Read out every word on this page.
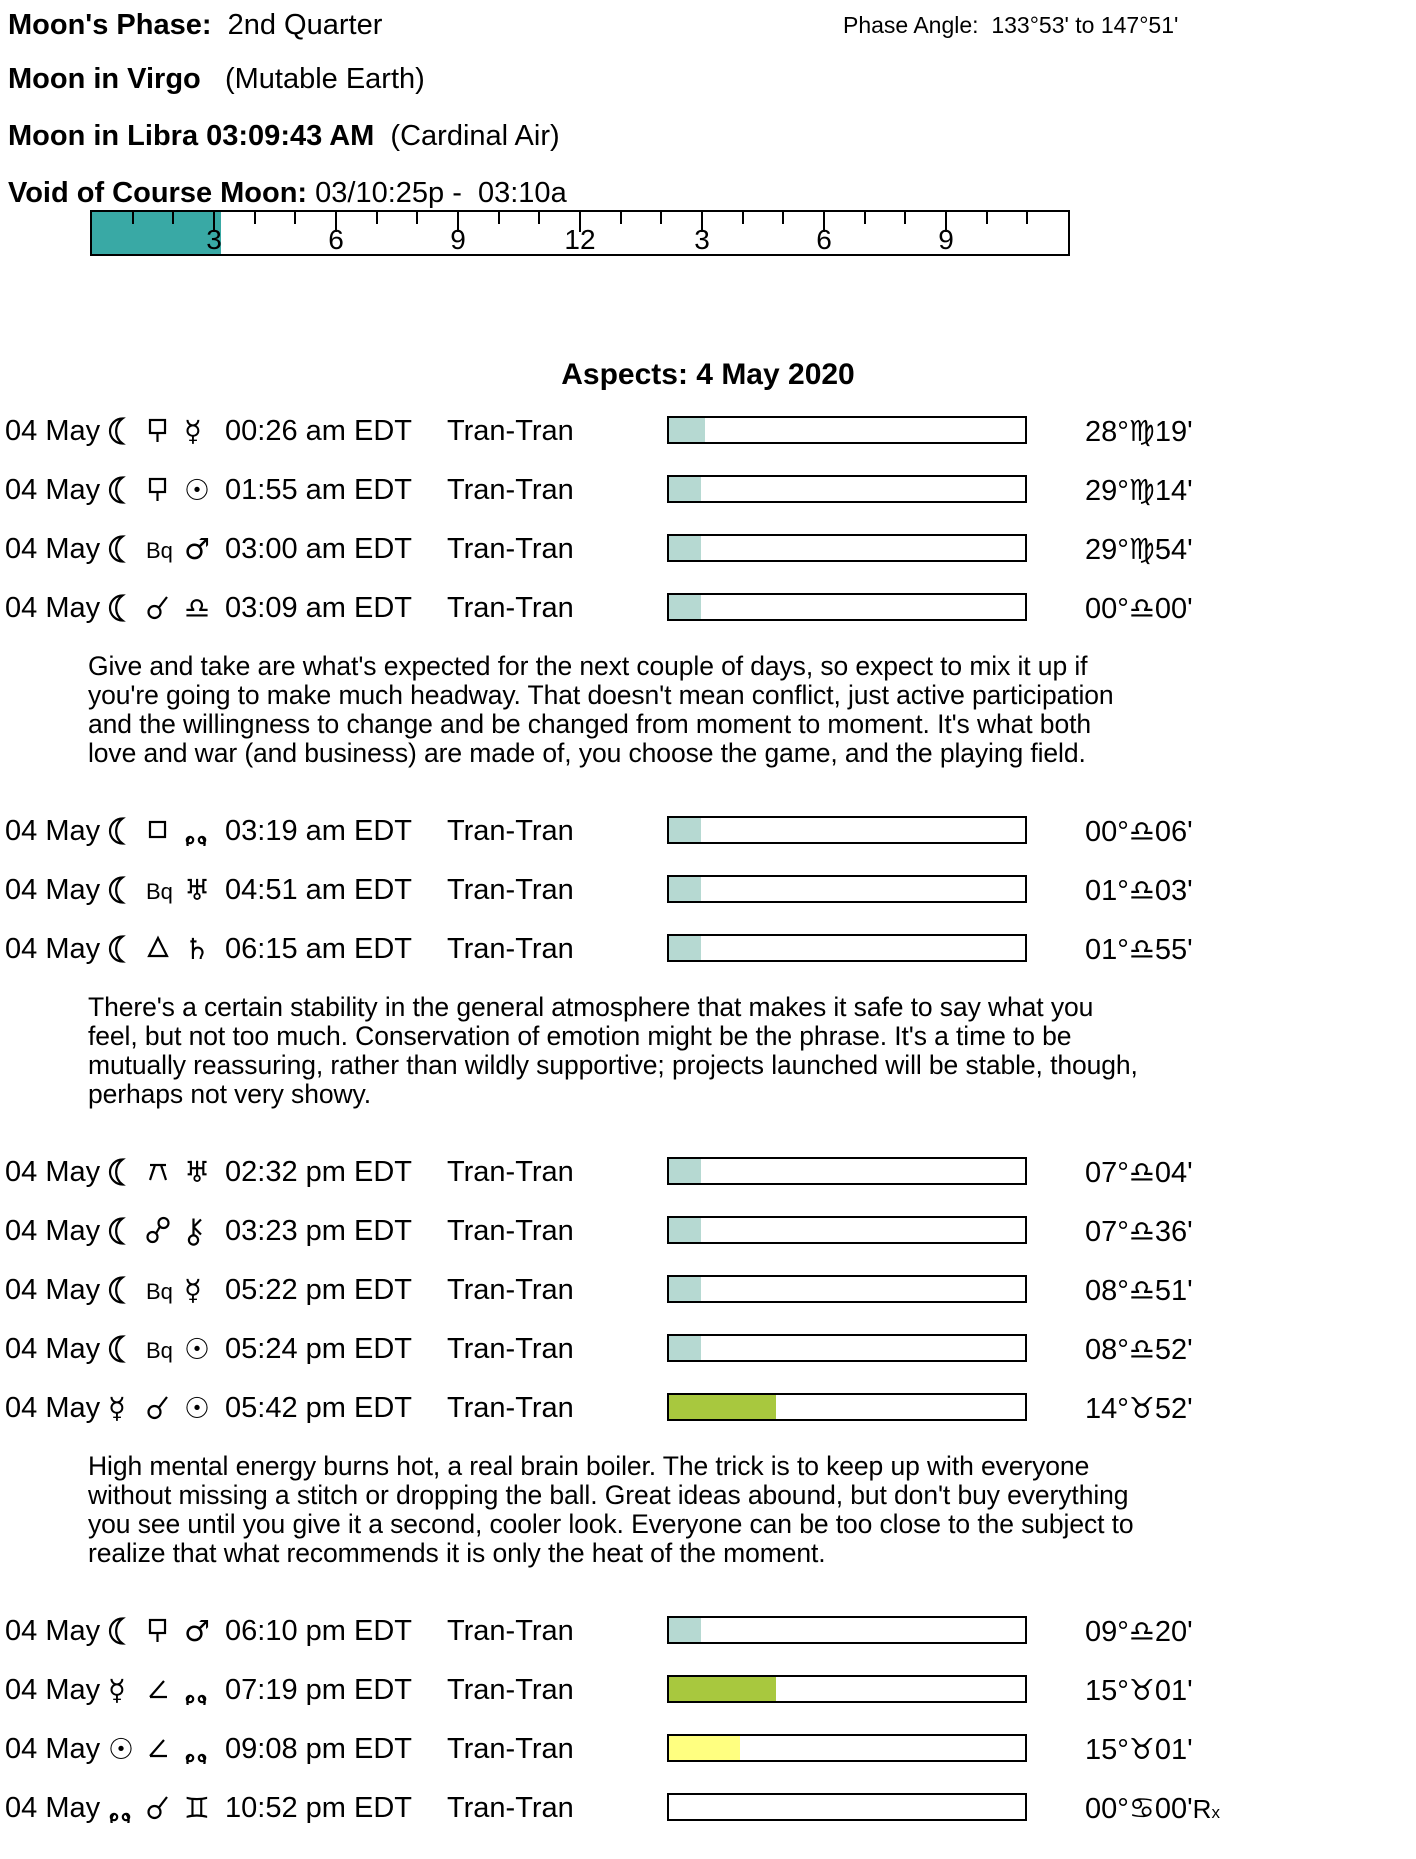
Moon's Phase:  2nd Quarter	Phase Angle:  133°53' to 147°51'
Moon in Virgo   (Mutable Earth)
Moon in Libra 03:09:43 AM  (Cardinal Air)
Void of Course Moon: 03/10:25p -  03:10a
3	6	9	12	3	6	9
Aspects: 4 May 2020
04 May	☿ 00:26 am EDT Tran-Tran	28°♍19'
04 May	☉ 01:55 am EDT Tran-Tran	29°♍14'
04 May Bq ♂ 03:00 am EDT Tran-Tran	29°♍54'
04 May	♎ 03:09 am EDT Tran-Tran	00°♎00'
Give and take are what's expected for the next couple of days, so expect to mix it up if you're going to make much headway. That doesn't mean conflict, just active participation and the willingness to change and be changed from moment to moment. It's what both love and war (and business) are made of, you choose the game, and the playing field.
04 May	03:19 am EDT Tran-Tran	00°♎06'
04 May Bq ♅ 04:51 am EDT Tran-Tran	01°♎03'
04 May	♄ 06:15 am EDT Tran-Tran	01°♎55'
There's a certain stability in the general atmosphere that makes it safe to say what you feel, but not too much. Conservation of emotion might be the phrase. It's a time to be mutually reassuring, rather than wildly supportive; projects launched will be stable, though, perhaps not very showy.
04 May	♅ 02:32 pm EDT Tran-Tran	07°♎04'
04 May	03:23 pm EDT Tran-Tran	07°♎36'
04 May Bq ☿ 05:22 pm EDT Tran-Tran	08°♎51'
04 May Bq ☉ 05:24 pm EDT Tran-Tran	08°♎52'
04 May ☿ ☉ 05:42 pm EDT Tran-Tran	14°♉52'
High mental energy burns hot, a real brain boiler. The trick is to keep up with everyone without missing a stitch or dropping the ball. Great ideas abound, but don't buy everything you see until you give it a second, cooler look. Everyone can be too close to the subject to realize that what recommends it is only the heat of the moment.
04 May	♂ 06:10 pm EDT Tran-Tran	09°♎20'
04 May ☿	07:19 pm EDT Tran-Tran	15°♉01'
04 May ☉	09:08 pm EDT Tran-Tran	15°♉01'
04 May	♊ 10:52 pm EDT Tran-Tran	00°♋00'Rx
